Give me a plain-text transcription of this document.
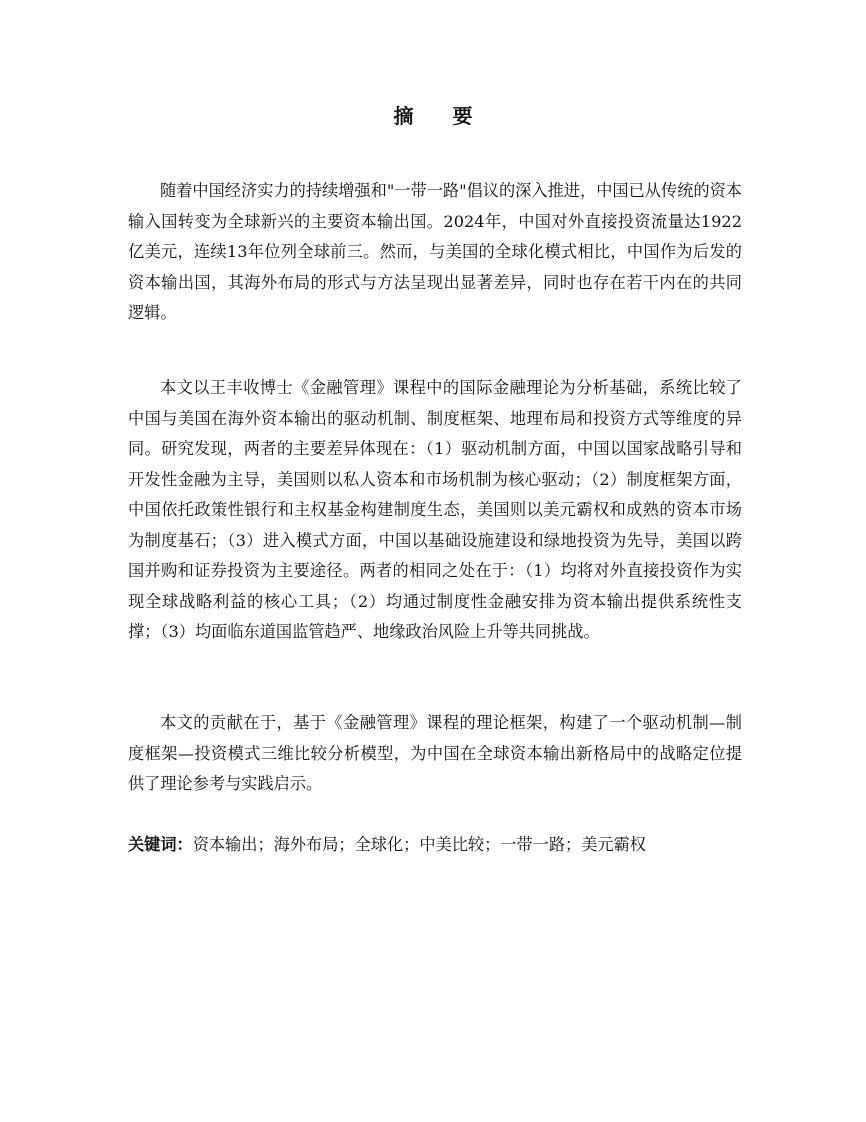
摘 要

随着中国经济实力的持续增强和"一带一路"倡议的深入推进，中国已从传统的资本输入国转变为全球新兴的主要资本输出国。2024年，中国对外直接投资流量达1922亿美元，连续13年位列全球前三。然而，与美国的全球化模式相比，中国作为后发的资本输出国，其海外布局的形式与方法呈现出显著差异，同时也存在若干内在的共同逻辑。

本文以王丰收博士《金融管理》课程中的国际金融理论为分析基础，系统比较了中国与美国在海外资本输出的驱动机制、制度框架、地理布局和投资方式等维度的异同。研究发现，两者的主要差异体现在：（1）驱动机制方面，中国以国家战略引导和开发性金融为主导，美国则以私人资本和市场机制为核心驱动；（2）制度框架方面，中国依托政策性银行和主权基金构建制度生态，美国则以美元霸权和成熟的资本市场为制度基石；（3）进入模式方面，中国以基础设施建设和绿地投资为先导，美国以跨国并购和证券投资为主要途径。两者的相同之处在于：（1）均将对外直接投资作为实现全球战略利益的核心工具；（2）均通过制度性金融安排为资本输出提供系统性支撑；（3）均面临东道国监管趋严、地缘政治风险上升等共同挑战。

本文的贡献在于，基于《金融管理》课程的理论框架，构建了一个驱动机制—制度框架—投资模式三维比较分析模型，为中国在全球资本输出新格局中的战略定位提供了理论参考与实践启示。

关键词：资本输出；海外布局；全球化；中美比较；一带一路；美元霸权
